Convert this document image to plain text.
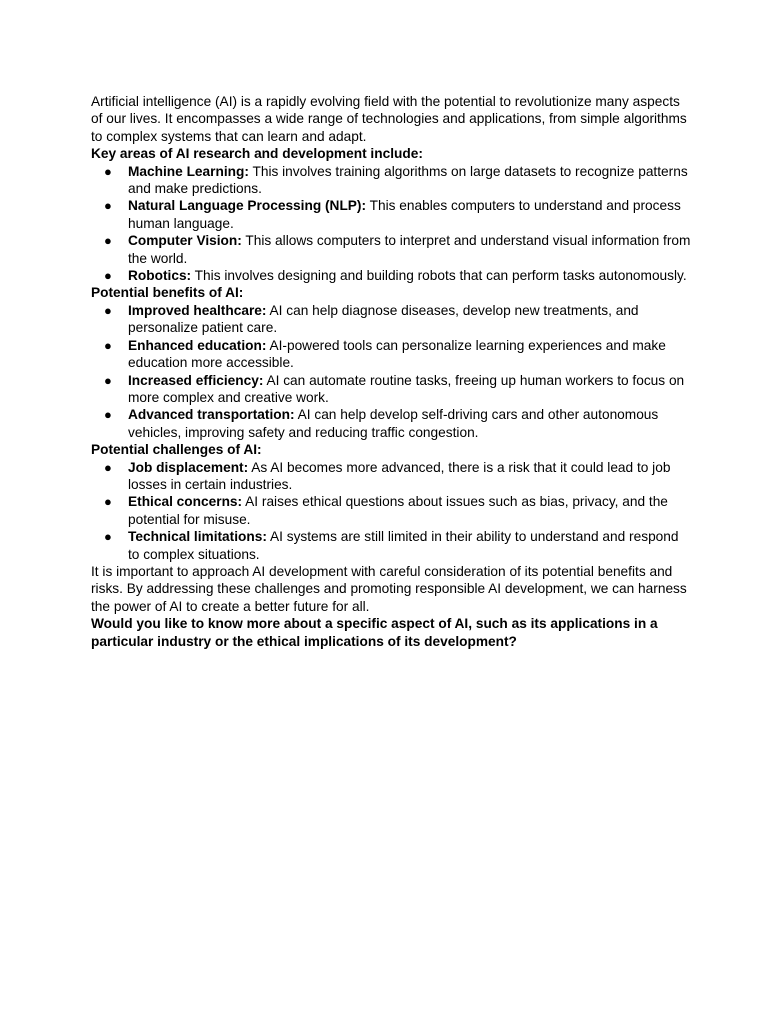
Artificial intelligence (AI) is a rapidly evolving field with the potential to revolutionize many aspects of our lives. It encompasses a wide range of technologies and applications, from simple algorithms to complex systems that can learn and adapt.

Key areas of AI research and development include:

● Machine Learning: This involves training algorithms on large datasets to recognize patterns and make predictions.
● Natural Language Processing (NLP): This enables computers to understand and process human language.
● Computer Vision: This allows computers to interpret and understand visual information from the world.
● Robotics: This involves designing and building robots that can perform tasks autonomously.

Potential benefits of AI:

● Improved healthcare: AI can help diagnose diseases, develop new treatments, and personalize patient care.
● Enhanced education: AI-powered tools can personalize learning experiences and make education more accessible.
● Increased efficiency: AI can automate routine tasks, freeing up human workers to focus on more complex and creative work.
● Advanced transportation: AI can help develop self-driving cars and other autonomous vehicles, improving safety and reducing traffic congestion.

Potential challenges of AI:

● Job displacement: As AI becomes more advanced, there is a risk that it could lead to job losses in certain industries.
● Ethical concerns: AI raises ethical questions about issues such as bias, privacy, and the potential for misuse.
● Technical limitations: AI systems are still limited in their ability to understand and respond to complex situations.

It is important to approach AI development with careful consideration of its potential benefits and risks. By addressing these challenges and promoting responsible AI development, we can harness the power of AI to create a better future for all.

Would you like to know more about a specific aspect of AI, such as its applications in a particular industry or the ethical implications of its development?
